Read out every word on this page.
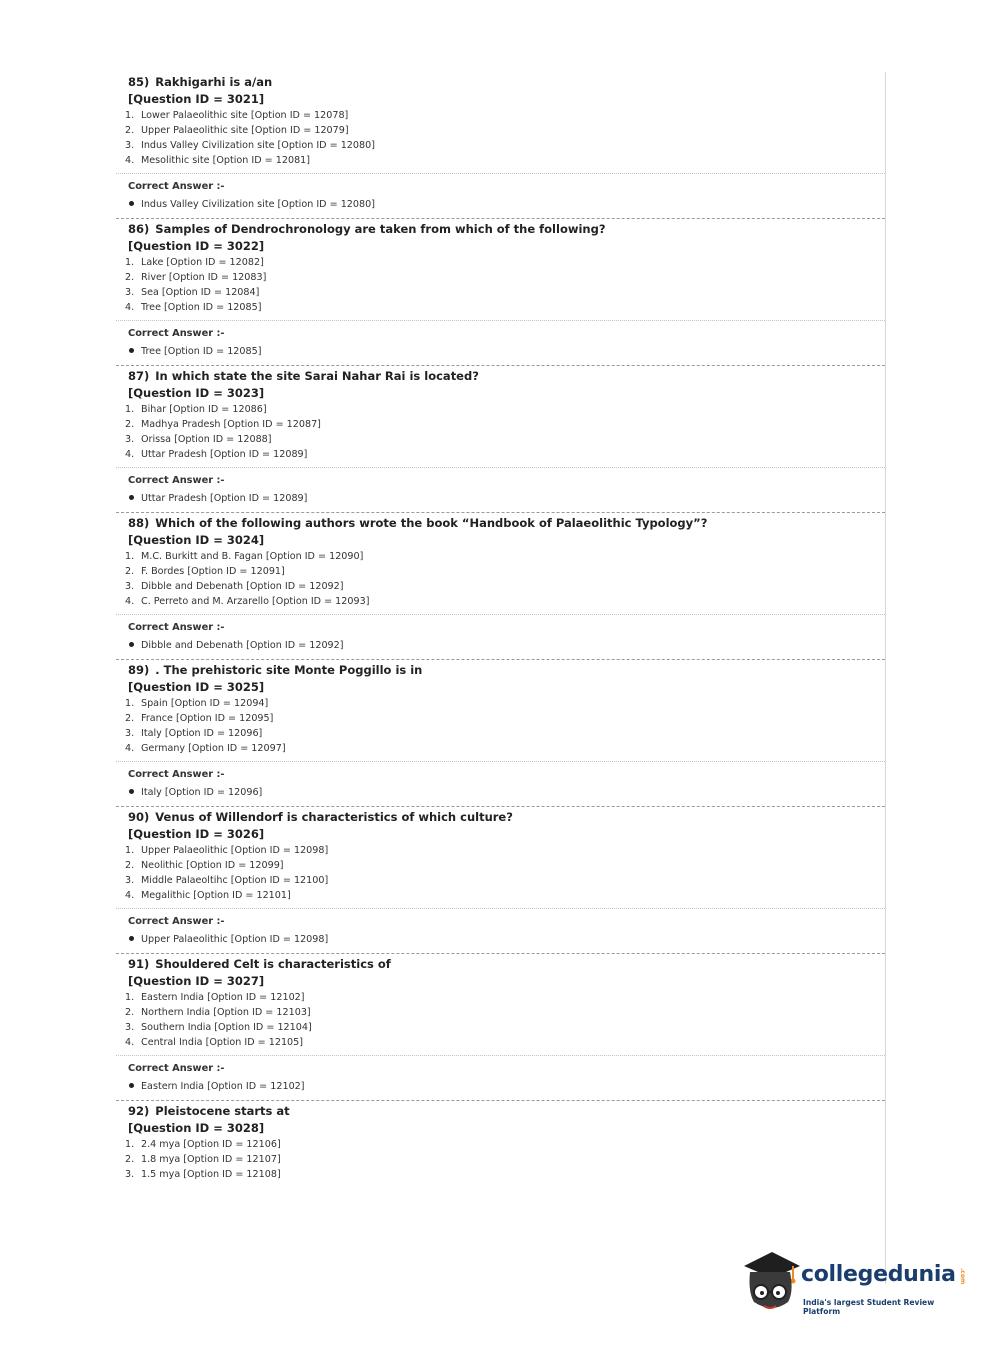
85) Rakhigarhi is a/an
[Question ID = 3021]
1. Lower Palaeolithic site [Option ID = 12078]
2. Upper Palaeolithic site [Option ID = 12079]
3. Indus Valley Civilization site [Option ID = 12080]
4. Mesolithic site [Option ID = 12081]
Correct Answer :-
Indus Valley Civilization site [Option ID = 12080]
86) Samples of Dendrochronology are taken from which of the following?
[Question ID = 3022]
1. Lake [Option ID = 12082]
2. River [Option ID = 12083]
3. Sea [Option ID = 12084]
4. Tree [Option ID = 12085]
Correct Answer :-
Tree [Option ID = 12085]
87) In which state the site Sarai Nahar Rai is located?
[Question ID = 3023]
1. Bihar [Option ID = 12086]
2. Madhya Pradesh [Option ID = 12087]
3. Orissa [Option ID = 12088]
4. Uttar Pradesh [Option ID = 12089]
Correct Answer :-
Uttar Pradesh [Option ID = 12089]
88) Which of the following authors wrote the book “Handbook of Palaeolithic Typology”?
[Question ID = 3024]
1. M.C. Burkitt and B. Fagan [Option ID = 12090]
2. F. Bordes [Option ID = 12091]
3. Dibble and Debenath [Option ID = 12092]
4. C. Perreto and M. Arzarello [Option ID = 12093]
Correct Answer :-
Dibble and Debenath [Option ID = 12092]
89) . The prehistoric site Monte Poggillo is in
[Question ID = 3025]
1. Spain [Option ID = 12094]
2. France [Option ID = 12095]
3. Italy [Option ID = 12096]
4. Germany [Option ID = 12097]
Correct Answer :-
Italy [Option ID = 12096]
90) Venus of Willendorf is characteristics of which culture?
[Question ID = 3026]
1. Upper Palaeolithic [Option ID = 12098]
2. Neolithic [Option ID = 12099]
3. Middle Palaeoltihc [Option ID = 12100]
4. Megalithic [Option ID = 12101]
Correct Answer :-
Upper Palaeolithic [Option ID = 12098]
91) Shouldered Celt is characteristics of
[Question ID = 3027]
1. Eastern India [Option ID = 12102]
2. Northern India [Option ID = 12103]
3. Southern India [Option ID = 12104]
4. Central India [Option ID = 12105]
Correct Answer :-
Eastern India [Option ID = 12102]
92) Pleistocene starts at
[Question ID = 3028]
1. 2.4 mya [Option ID = 12106]
2. 1.8 mya [Option ID = 12107]
3. 1.5 mya [Option ID = 12108]
collegedunia .com
India's largest Student Review Platform
